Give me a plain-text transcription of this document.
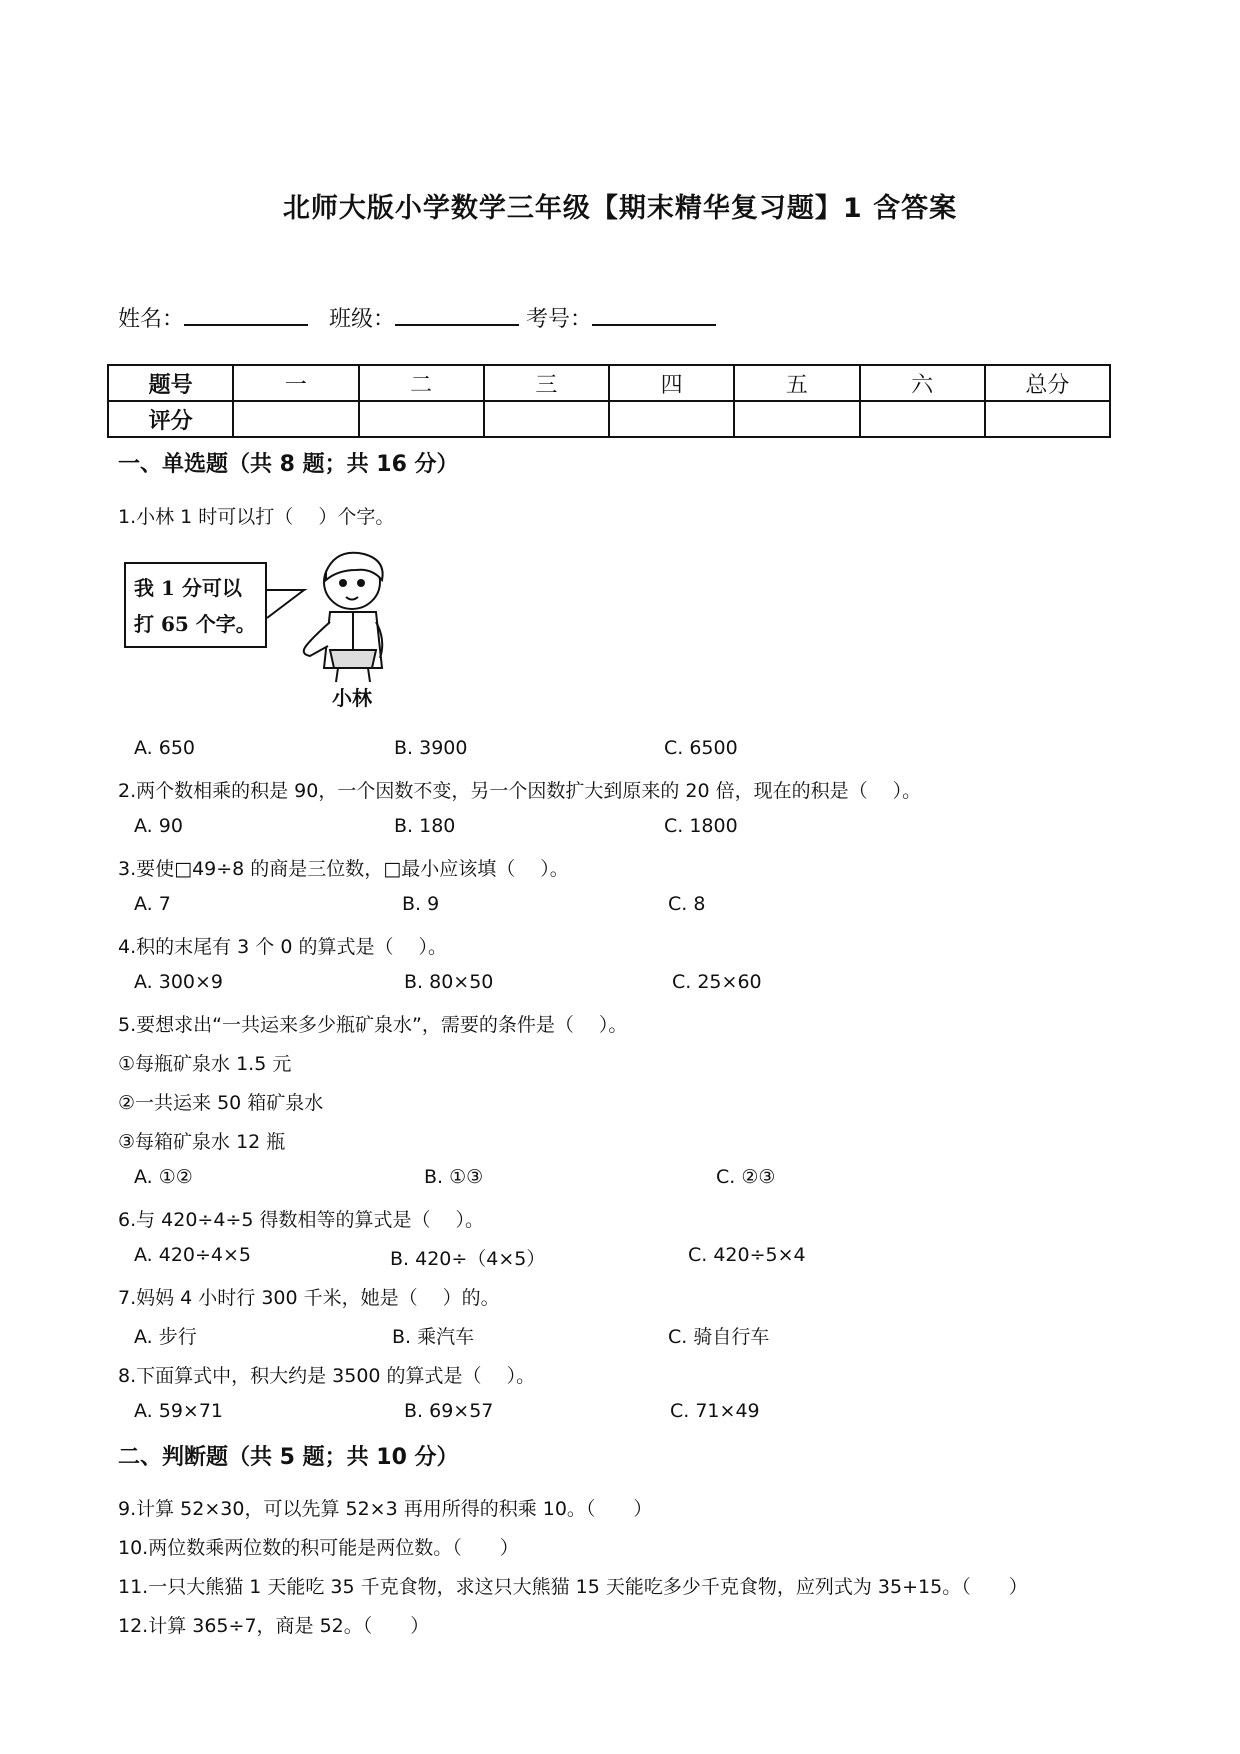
北师大版小学数学三年级【期末精华复习题】1 含答案
姓名：	班级：	考号：
题号	一	二	三	四	五	六	总分
评分							
一、单选题（共 8 题；共 16 分）
1.小林 1 时可以打（　 ）个字。
我 1 分可以
打 65 个字。
小林
A. 650	B. 3900	C. 6500
2.两个数相乘的积是 90，一个因数不变，另一个因数扩大到原来的 20 倍，现在的积是（　 ）。
A. 90	B. 180	C. 1800
3.要使□49÷8 的商是三位数，□最小应该填（　 ）。
A. 7	B. 9	C. 8
4.积的末尾有 3 个 0 的算式是（　 ）。
A. 300×9	B. 80×50	C. 25×60
5.要想求出“一共运来多少瓶矿泉水”，需要的条件是（　 ）。
①每瓶矿泉水 1.5 元
②一共运来 50 箱矿泉水
③每箱矿泉水 12 瓶
A. ①②	B. ①③	C. ②③
6.与 420÷4÷5 得数相等的算式是（　 ）。
A. 420÷4×5	B. 420÷（4×5）	C. 420÷5×4
7.妈妈 4 小时行 300 千米，她是（　 ）的。
A. 步行	B. 乘汽车	C. 骑自行车
8.下面算式中，积大约是 3500 的算式是（　 ）。
A. 59×71	B. 69×57	C. 71×49
二、判断题（共 5 题；共 10 分）
9.计算 52×30，可以先算 52×3 再用所得的积乘 10。（　　）
10.两位数乘两位数的积可能是两位数。（　　）
11.一只大熊猫 1 天能吃 35 千克食物，求这只大熊猫 15 天能吃多少千克食物，应列式为 35+15。（　　）
12.计算 365÷7，商是 52。（　　）
